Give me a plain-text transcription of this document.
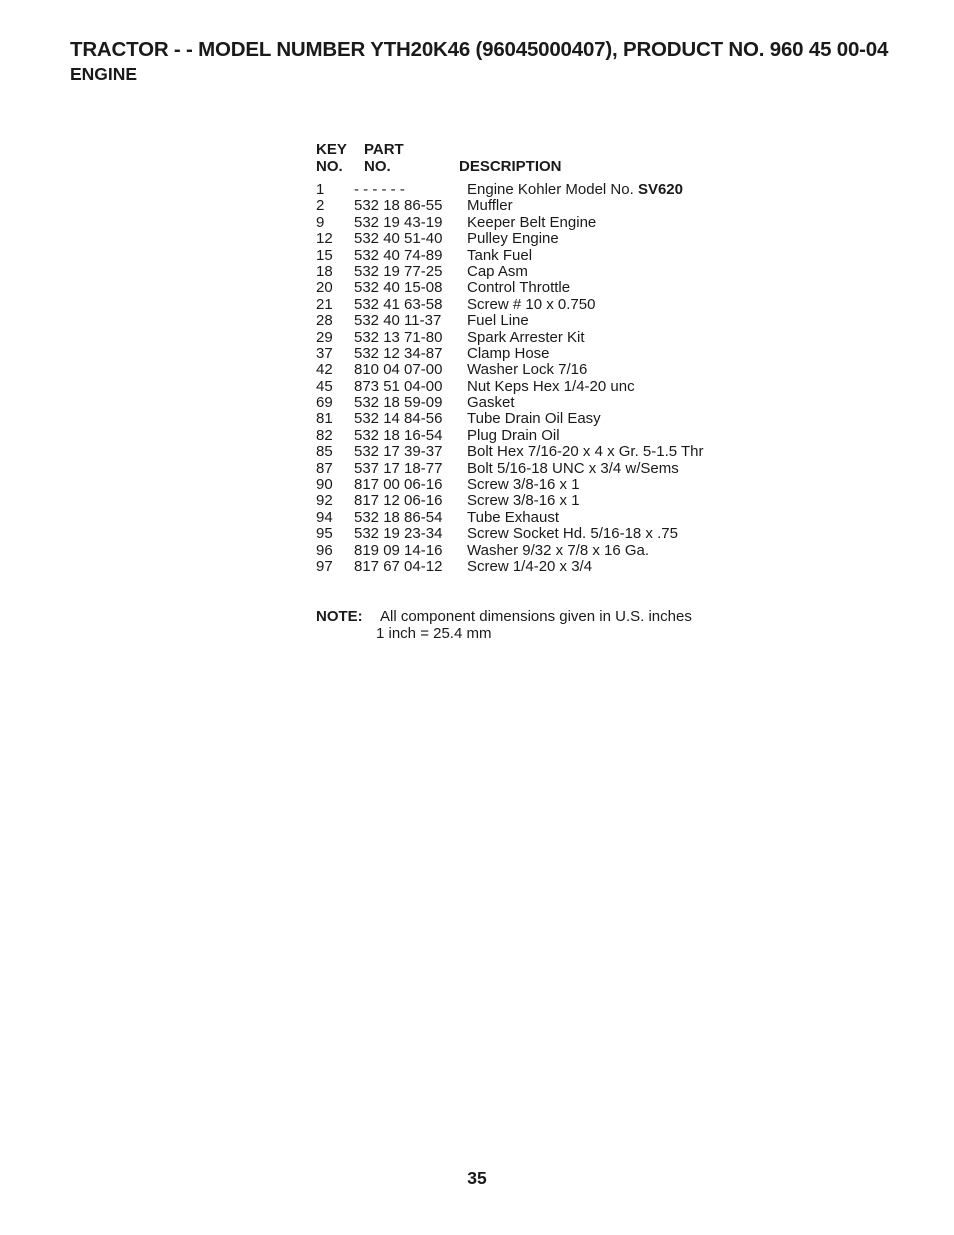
TRACTOR - - MODEL NUMBER YTH20K46 (96045000407), PRODUCT NO. 960 45 00-04
ENGINE
KEY
NO.
PART
NO.	DESCRIPTION
1 - - - - - -	Engine Kohler Model No. SV620
2 532 18 86-55 Muffler
9 532 19 43-19 Keeper Belt Engine
12 532 40 51-40 Pulley Engine
15 532 40 74-89 Tank Fuel
18 532 19 77-25 Cap Asm
20 532 40 15-08 Control Throttle
21 532 41 63-58 Screw # 10 x 0.750
28 532 40 11-37 Fuel Line
29 532 13 71-80 Spark Arrester Kit
37 532 12 34-87 Clamp Hose
42 810 04 07-00 Washer Lock 7/16
45 873 51 04-00 Nut Keps Hex 1/4-20 unc
69 532 18 59-09 Gasket
81 532 14 84-56 Tube Drain Oil Easy
82 532 18 16-54 Plug Drain Oil
85 532 17 39-37 Bolt Hex 7/16-20 x 4 x Gr. 5-1.5 Thr
87 537 17 18-77 Bolt 5/16-18 UNC x 3/4 w/Sems
90 817 00 06-16 Screw 3/8-16 x 1
92 817 12 06-16 Screw 3/8-16 x 1
94 532 18 86-54 Tube Exhaust
95 532 19 23-34 Screw Socket Hd. 5/16-18 x .75
96 819 09 14-16 Washer 9/32 x 7/8 x 16 Ga.
97 817 67 04-12 Screw 1/4-20 x 3/4
NOTE: All component dimensions given in U.S. inches
1 inch = 25.4 mm
35
